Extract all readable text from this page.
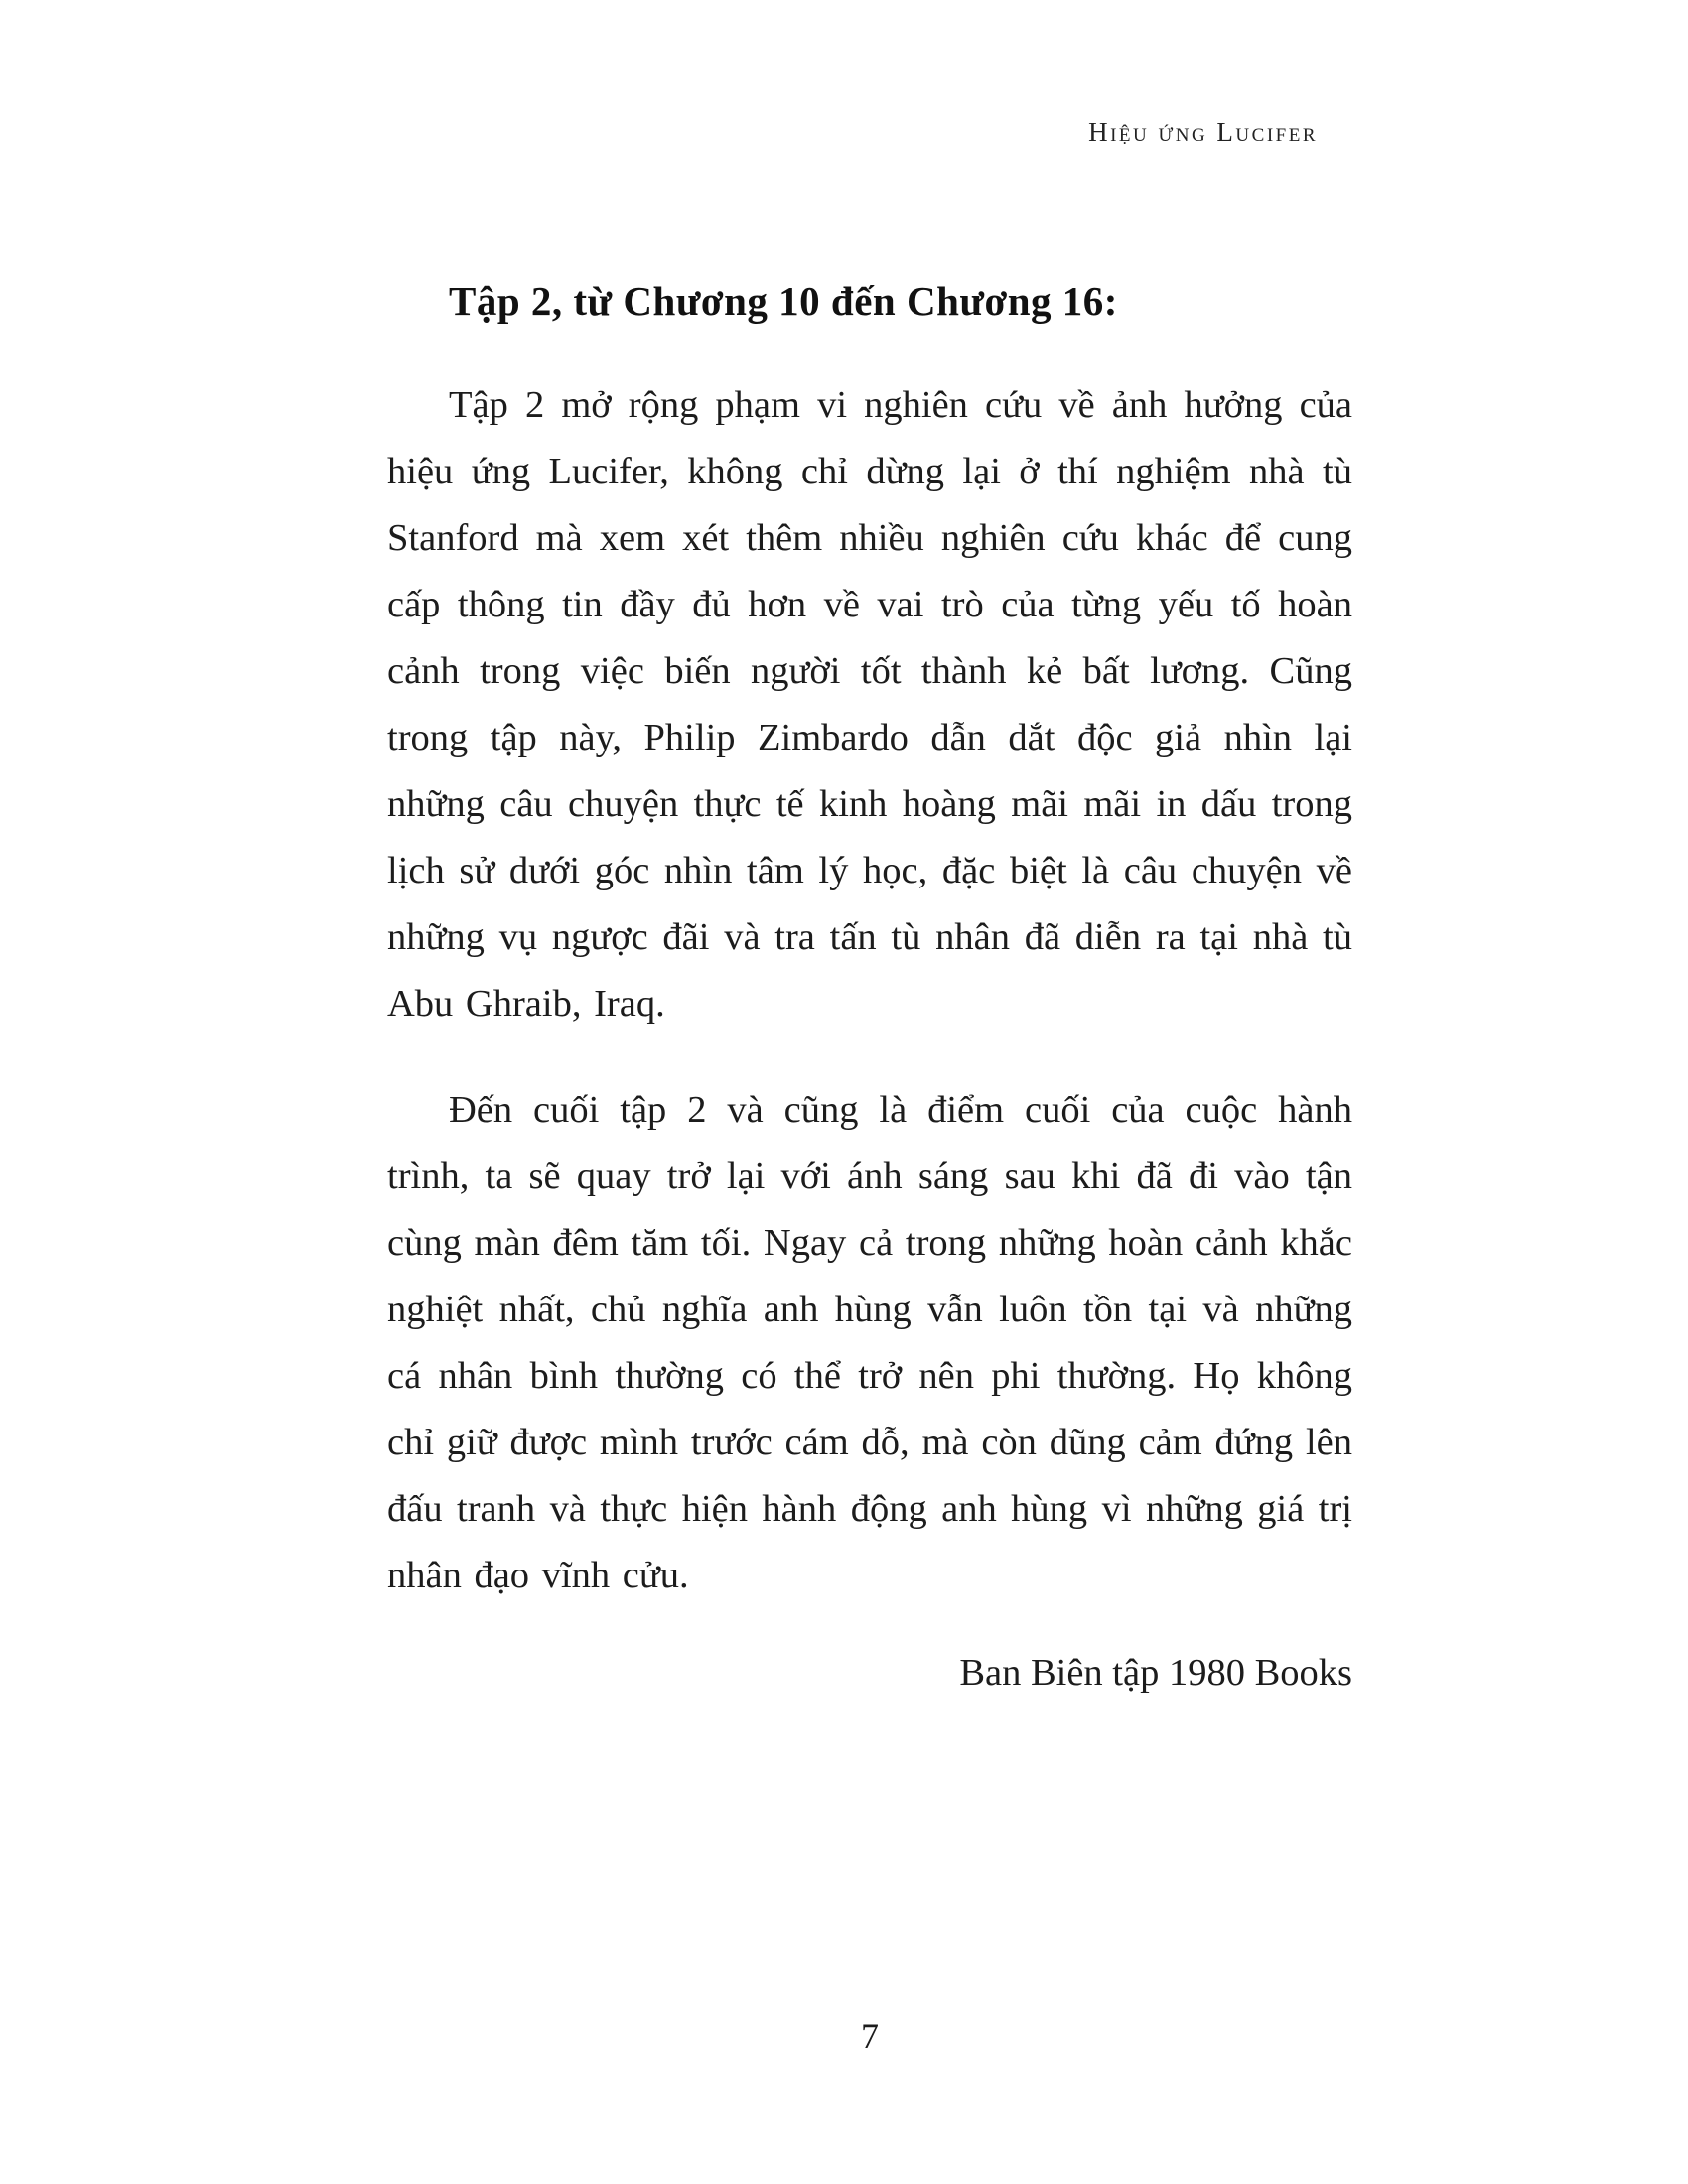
Hiệu ứng Lucifer
Tập 2, từ Chương 10 đến Chương 16:

Tập 2 mở rộng phạm vi nghiên cứu về ảnh hưởng của hiệu ứng Lucifer, không chỉ dừng lại ở thí nghiệm nhà tù Stanford mà xem xét thêm nhiều nghiên cứu khác để cung cấp thông tin đầy đủ hơn về vai trò của từng yếu tố hoàn cảnh trong việc biến người tốt thành kẻ bất lương. Cũng trong tập này, Philip Zimbardo dẫn dắt độc giả nhìn lại những câu chuyện thực tế kinh hoàng mãi mãi in dấu trong lịch sử dưới góc nhìn tâm lý học, đặc biệt là câu chuyện về những vụ ngược đãi và tra tấn tù nhân đã diễn ra tại nhà tù Abu Ghraib, Iraq.

Đến cuối tập 2 và cũng là điểm cuối của cuộc hành trình, ta sẽ quay trở lại với ánh sáng sau khi đã đi vào tận cùng màn đêm tăm tối. Ngay cả trong những hoàn cảnh khắc nghiệt nhất, chủ nghĩa anh hùng vẫn luôn tồn tại và những cá nhân bình thường có thể trở nên phi thường. Họ không chỉ giữ được mình trước cám dỗ, mà còn dũng cảm đứng lên đấu tranh và thực hiện hành động anh hùng vì những giá trị nhân đạo vĩnh cửu.

Ban Biên tập 1980 Books
7
